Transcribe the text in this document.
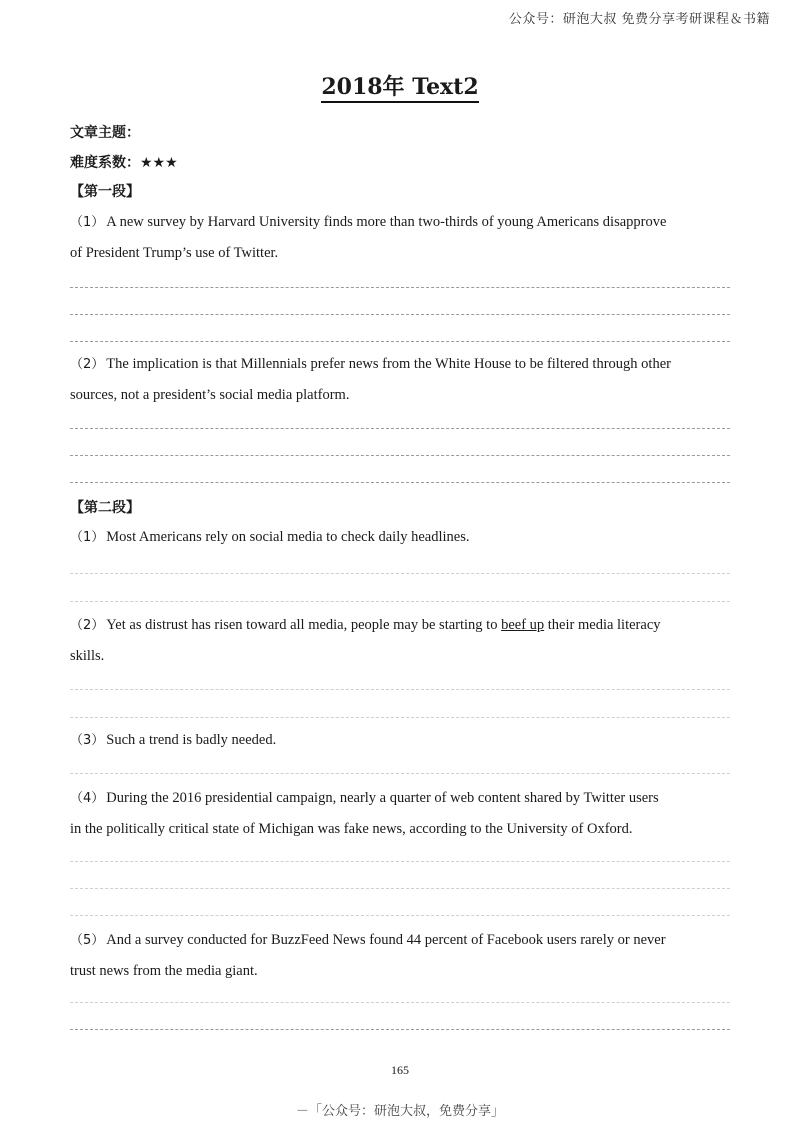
公众号：研泡大叔 免费分享考研课程＆书籍
2018年 Text2
文章主题：
难度系数：★★★
【第一段】
（1） A new survey by Harvard University finds more than two-thirds of young Americans disapprove
of President Trump’s use of Twitter.
（2） The implication is that Millennials prefer news from the White House to be filtered through other
sources, not a president’s social media platform.
【第二段】
（1） Most Americans rely on social media to check daily headlines.
（2） Yet as distrust has risen toward all media, people may be starting to beef up their media literacy
skills.
（3） Such a trend is badly needed.
（4） During the 2016 presidential campaign, nearly a quarter of web content shared by Twitter users
in the politically critical state of Michigan was fake news, according to the University of Oxford.
（5） And a survey conducted for BuzzFeed News found 44 percent of Facebook users rarely or never
trust news from the media giant.
165
－「公众号：研泡大叔，免费分享」
